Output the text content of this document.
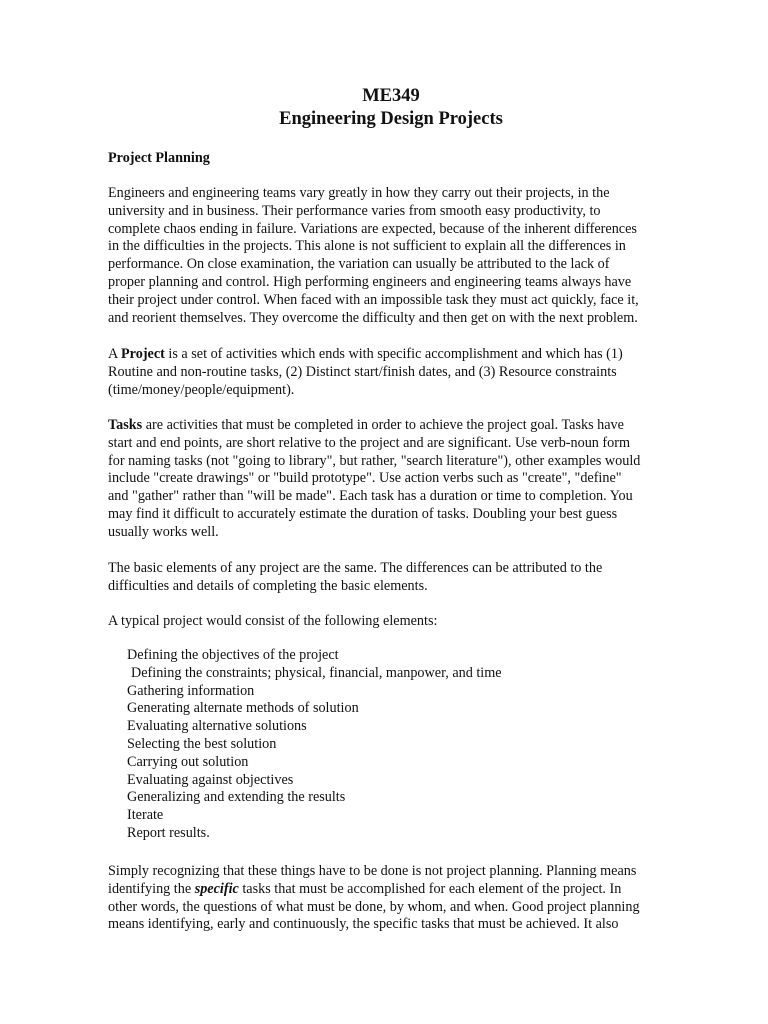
ME349
Engineering Design Projects
Project Planning
Engineers and engineering teams vary greatly in how they carry out their projects, in the
university and in business. Their performance varies from smooth easy productivity, to
complete chaos ending in failure. Variations are expected, because of the inherent differences
in the difficulties in the projects. This alone is not sufficient to explain all the differences in
performance. On close examination, the variation can usually be attributed to the lack of
proper planning and control. High performing engineers and engineering teams always have
their project under control. When faced with an impossible task they must act quickly, face it,
and reorient themselves. They overcome the difficulty and then get on with the next problem.
A Project is a set of activities which ends with specific accomplishment and which has (1)
Routine and non-routine tasks, (2) Distinct start/finish dates, and (3) Resource constraints
(time/money/people/equipment).
Tasks are activities that must be completed in order to achieve the project goal. Tasks have
start and end points, are short relative to the project and are significant. Use verb-noun form
for naming tasks (not "going to library", but rather, "search literature"), other examples would
include "create drawings" or "build prototype". Use action verbs such as "create", "define"
and "gather" rather than "will be made". Each task has a duration or time to completion. You
may find it difficult to accurately estimate the duration of tasks. Doubling your best guess
usually works well.
The basic elements of any project are the same. The differences can be attributed to the
difficulties and details of completing the basic elements.
A typical project would consist of the following elements:
Defining the objectives of the project
Defining the constraints; physical, financial, manpower, and time
Gathering information
Generating alternate methods of solution
Evaluating alternative solutions
Selecting the best solution
Carrying out solution
Evaluating against objectives
Generalizing and extending the results
Iterate
Report results.
Simply recognizing that these things have to be done is not project planning. Planning means
identifying the specific tasks that must be accomplished for each element of the project. In
other words, the questions of what must be done, by whom, and when. Good project planning
means identifying, early and continuously, the specific tasks that must be achieved. It also
